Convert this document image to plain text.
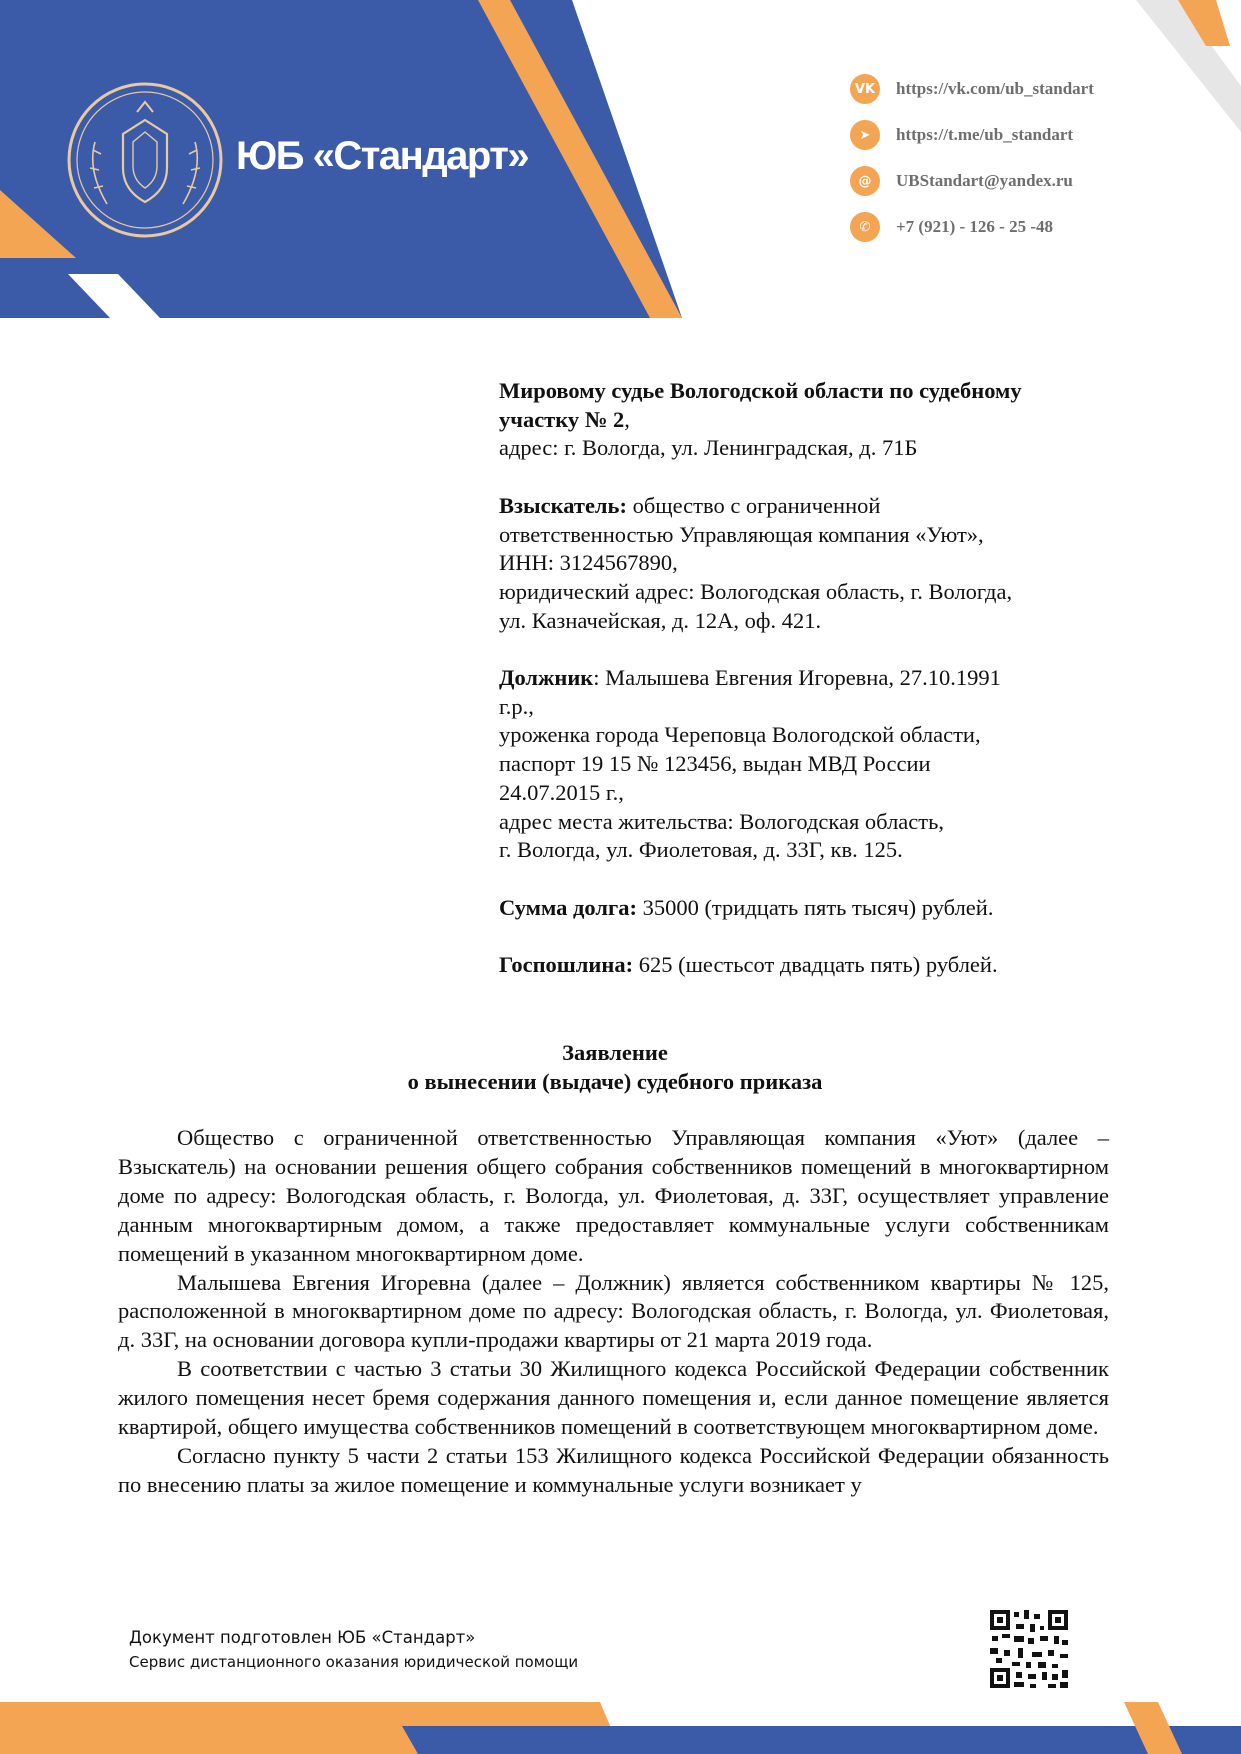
ЮБ «Стандарт»
VK https://vk.com/ub_standart
➤	https://t.me/ub_standart
@	UBStandart@yandex.ru
✆	+7 (921) - 126 - 25 -48

Мировому судье Вологодской области по судебному участку № 2,
адрес: г. Вологда, ул. Ленинградская, д. 71Б

Взыскатель: общество с ограниченной
ответственностью Управляющая компания «Уют»,
ИНН: 3124567890,
юридический адрес: Вологодская область, г. Вологда,
ул. Казначейская, д. 12А, оф. 421.

Должник: Малышева Евгения Игоревна, 27.10.1991
г.р.,
уроженка города Череповца Вологодской области,
паспорт 19 15 № 123456, выдан МВД России
24.07.2015 г.,
адрес места жительства: Вологодская область,
г. Вологда, ул. Фиолетовая, д. 33Г, кв. 125.

Сумма долга: 35000 (тридцать пять тысяч) рублей.

Госпошлина: 625 (шестьсот двадцать пять) рублей.

Заявление
о вынесении (выдаче) судебного приказа

Общество с ограниченной ответственностью Управляющая компания «Уют» (далее – Взыскатель) на основании решения общего собрания собственников помещений в многоквартирном доме по адресу: Вологодская область, г. Вологда, ул. Фиолетовая, д. 33Г, осуществляет управление данным многоквартирным домом, а также предоставляет коммунальные услуги собственникам помещений в указанном многоквартирном доме.

Малышева Евгения Игоревна (далее – Должник) является собственником квартиры № 125, расположенной в многоквартирном доме по адресу: Вологодская область, г. Вологда, ул. Фиолетовая, д. 33Г, на основании договора купли-продажи квартиры от 21 марта 2019 года.

В соответствии с частью 3 статьи 30 Жилищного кодекса Российской Федерации собственник жилого помещения несет бремя содержания данного помещения и, если данное помещение является квартирой, общего имущества собственников помещений в соответствующем многоквартирном доме.

Согласно пункту 5 части 2 статьи 153 Жилищного кодекса Российской Федерации обязанность по внесению платы за жилое помещение и коммунальные услуги возникает у

Документ подготовлен ЮБ «Стандарт»
Сервис дистанционного оказания юридической помощи
